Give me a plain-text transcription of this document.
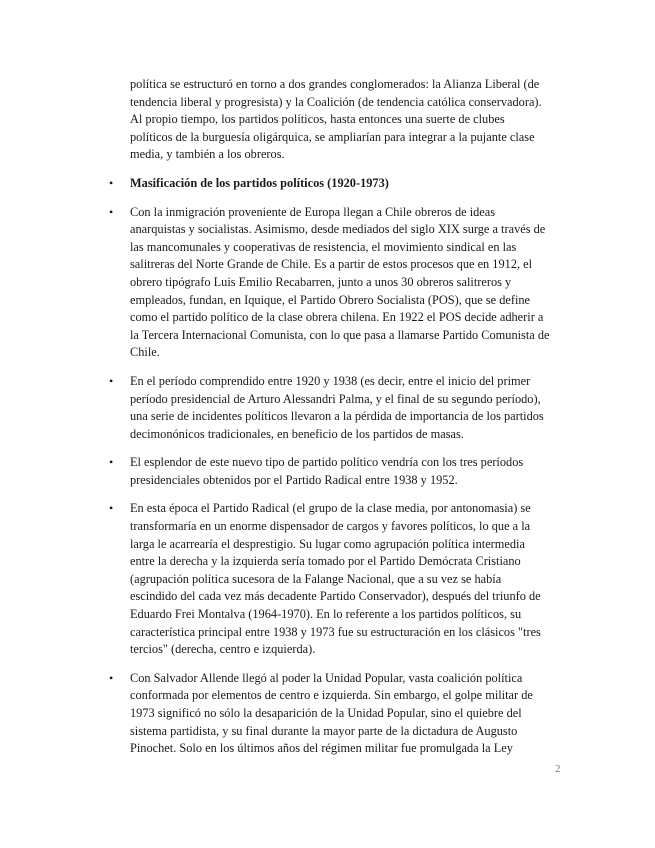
política se estructuró en torno a dos grandes conglomerados: la Alianza Liberal (de tendencia liberal y progresista) y la Coalición (de tendencia católica conservadora). Al propio tiempo, los partidos políticos, hasta entonces una suerte de clubes políticos de la burguesía oligárquica, se ampliarían para integrar a la pujante clase media, y también a los obreros.

• Masificación de los partidos políticos (1920-1973)
• Con la inmigración proveniente de Europa llegan a Chile obreros de ideas anarquistas y socialistas. Asimismo, desde mediados del siglo XIX surge a través de las mancomunales y cooperativas de resistencia, el movimiento sindical en las salitreras del Norte Grande de Chile. Es a partir de estos procesos que en 1912, el obrero tipógrafo Luis Emilio Recabarren, junto a unos 30 obreros salitreros y empleados, fundan, en Iquique, el Partido Obrero Socialista (POS), que se define como el partido político de la clase obrera chilena. En 1922 el POS decide adherir a la Tercera Internacional Comunista, con lo que pasa a llamarse Partido Comunista de Chile.

• En el período comprendido entre 1920 y 1938 (es decir, entre el inicio del primer período presidencial de Arturo Alessandri Palma, y el final de su segundo período), una serie de incidentes políticos llevaron a la pérdida de importancia de los partidos decimonónicos tradicionales, en beneficio de los partidos de masas.

• El esplendor de este nuevo tipo de partido político vendría con los tres períodos presidenciales obtenidos por el Partido Radical entre 1938 y 1952.

• En esta época el Partido Radical (el grupo de la clase media, por antonomasia) se transformaría en un enorme dispensador de cargos y favores políticos, lo que a la larga le acarrearía el desprestigio. Su lugar como agrupación política intermedia entre la derecha y la izquierda sería tomado por el Partido Demócrata Cristiano (agrupación política sucesora de la Falange Nacional, que a su vez se había escindido del cada vez más decadente Partido Conservador), después del triunfo de Eduardo Frei Montalva (1964-1970). En lo referente a los partidos políticos, su característica principal entre 1938 y 1973 fue su estructuración en los clásicos "tres tercios" (derecha, centro e izquierda).

• Con Salvador Allende llegó al poder la Unidad Popular, vasta coalición política conformada por elementos de centro e izquierda. Sin embargo, el golpe militar de 1973 significó no sólo la desaparición de la Unidad Popular, sino el quiebre del sistema partidista, y su final durante la mayor parte de la dictadura de Augusto Pinochet. Solo en los últimos años del régimen militar fue promulgada la Ley

2
